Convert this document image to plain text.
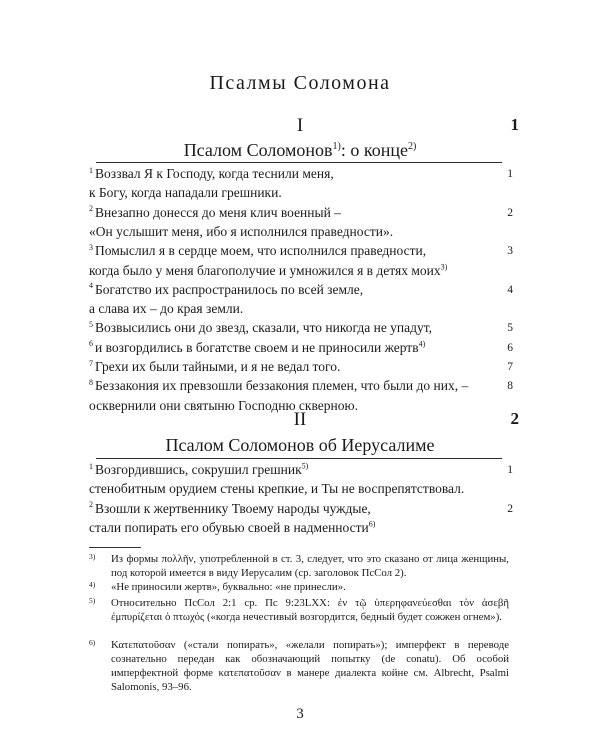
Псалмы Соломона
I	1
Псалом Соломонов$^{1)}$: о конце$^{2)}$
$^1$ Воззвал Я к Господу, когда теснили меня,	1
к Богу, когда нападали грешники.
$^2$ Внезапно донесся до меня клич военный –	2
«Он услышит меня, ибо я исполнился праведности».
$^3$ Помыслил я в сердце моем, что исполнился праведности,	3
когда было у меня благополучие и умножился я в детях моих$^{3)}$
$^4$ Богатство их распространилось по всей земле,	4
а слава их – до края земли.
$^5$ Возвысились они до звезд, сказали, что никогда не упадут,	5
$^6$ и возгордились в богатстве своем и не приносили жертв$^{4)}$	6
$^7$ Грехи их были тайными, и я не ведал того.	7
$^8$ Беззакония их превзошли беззакония племен, что были до них, –	8
осквернили они святыню Господню скверною.
II	2
Псалом Соломонов об Иерусалиме
$^1$ Возгордившись, сокрушил грешник$^{5)}$	1
стенобитным орудием стены крепкие, и Ты не воспрепятствовал.
$^2$ Взошли к жертвеннику Твоему народы чуждые,	2
стали попирать его обувью своей в надменности$^{6)}$
3) Из формы πολλῆν, употребленной в ст. 3, следует, что это сказано от лица женщины, под которой имеется в виду Иерусалим (ср. заголовок ПсСол 2).
4) «Не приносили жертв», буквально: «не принесли».
5) Относительно ПсСол 2:1 ср. Пс 9:23LXX: ἐν τῷ ὑπερηφανεύεσθαι τὸν ἀσεβῆ ἐμπυρίζεται ὁ πτωχός («когда нечестивый возгордится, бедный будет сожжен огнем»).
6) Κατεπατοῦσαν («стали попирать», «желали попирать»); имперфект в переводе сознательно передан как обозначающий попытку (de conatu). Об особой имперфектной форме κατεπατοῦσαν в манере диалекта койне см. Albrecht, Psalmi Salomonis, 93–96.
3
